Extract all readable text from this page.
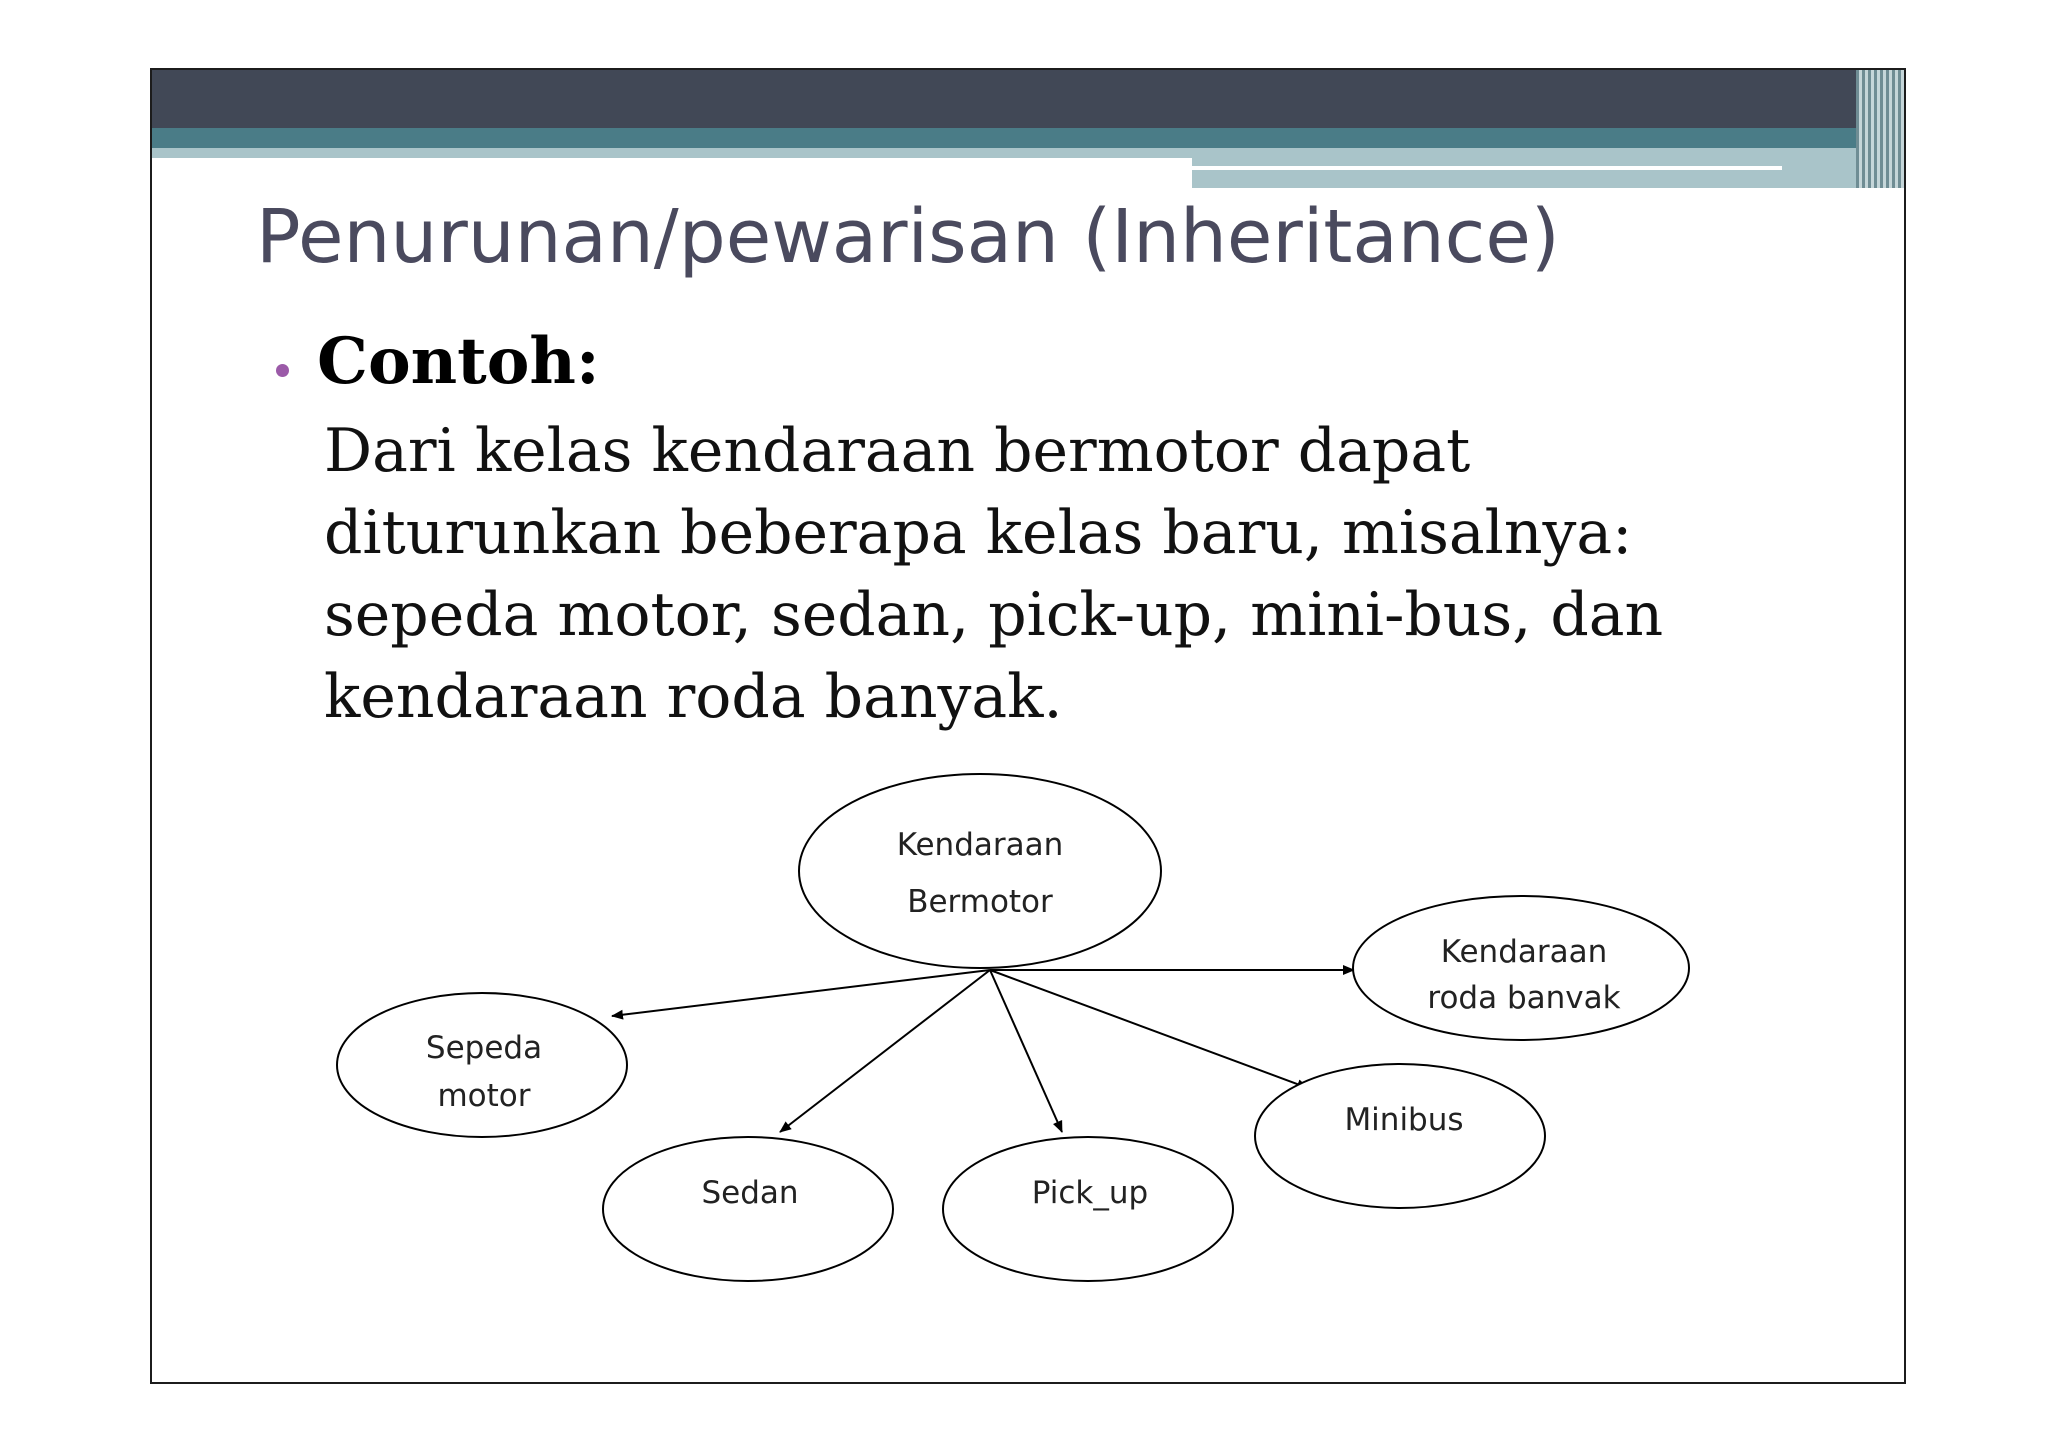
Penurunan/pewarisan (Inheritance)
Contoh:

Dari kelas kendaraan bermotor dapat diturunkan beberapa kelas baru, misalnya: sepeda motor, sedan, pick-up, mini-bus, dan kendaraan roda banyak.

Kendaraan
Bermotor
Sepeda
motor
Sedan	Pick_up
Minibus
Kendaraan
roda banvak
